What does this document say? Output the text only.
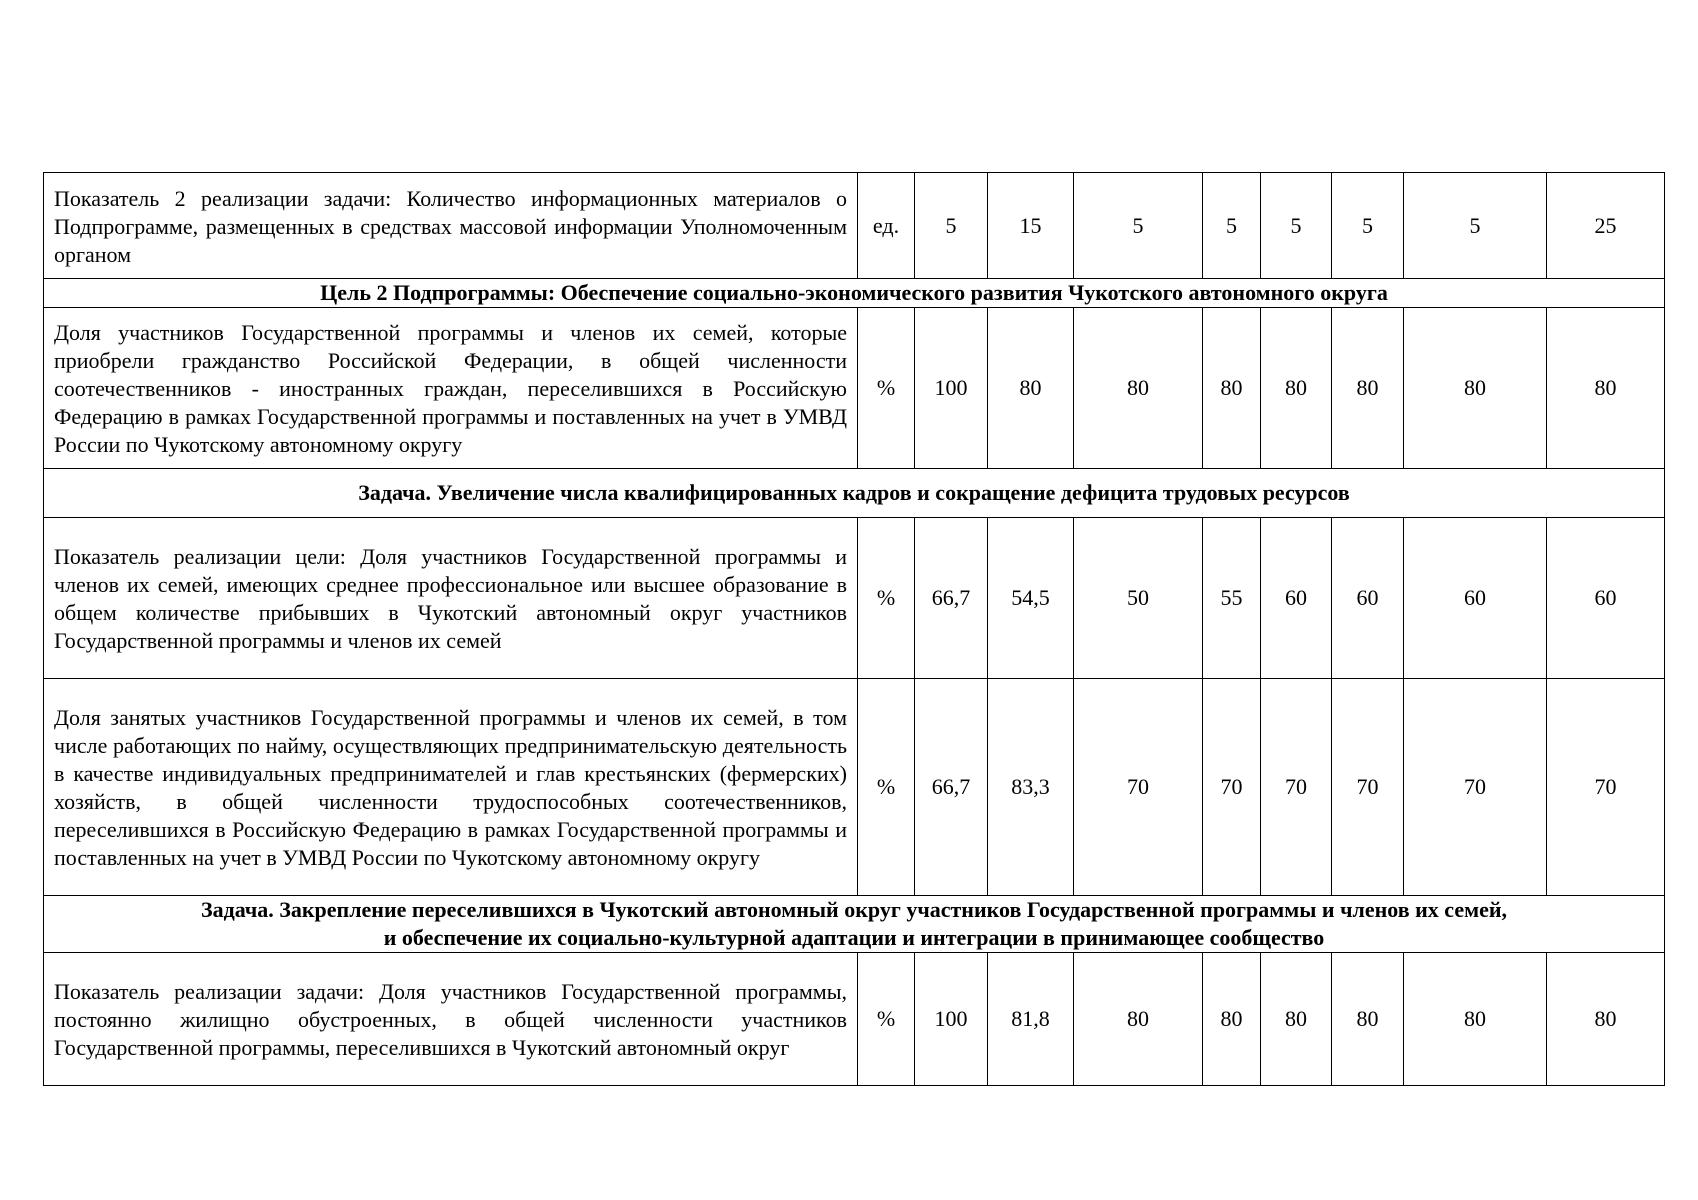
Показатель 2 реализации задачи: Количество информационных материалов о Подпрограмме, размещенных в средствах массовой информации Уполномоченным органом	ед.	5	15	5	5	5	5	5	25

Цель 2 Подпрограммы: Обеспечение социально-экономического развития Чукотского автономного округа									

Доля участников Государственной программы и членов их семей, которые приобрели гражданство Российской Федерации, в общей численности соотечественников - иностранных граждан, переселившихся в Российскую Федерацию в рамках Государственной программы и поставленных на учет в УМВД России по Чукотскому автономному округу	%	100	80	80	80	80	80	80	80

Задача. Увеличение числа квалифицированных кадров и сокращение дефицита трудовых ресурсов									

Показатель реализации цели: Доля участников Государственной программы и членов их семей, имеющих среднее профессиональное или высшее образование в общем количестве прибывших в Чукотский автономный округ участников Государственной программы и членов их семей	%	66,7	54,5	50	55	60	60	60	60
Доля занятых участников Государственной программы и членов их семей, в том числе работающих по найму, осуществляющих предпринимательскую деятельность в качестве индивидуальных предпринимателей и глав крестьянских (фермерских) хозяйств, в общей численности трудоспособных соотечественников, переселившихся в Российскую Федерацию в рамках Государственной программы и поставленных на учет в УМВД России по Чукотскому автономному округу	%	66,7	83,3	70	70	70	70	70	70

Задача. Закрепление переселившихся в Чукотский автономный округ участников Государственной программы и членов их семей,
и обеспечение их социально-культурной адаптации и интеграции в принимающее сообщество									

Показатель реализации задачи: Доля участников Государственной программы, постоянно жилищно обустроенных, в общей численности участников Государственной программы, переселившихся в Чукотский автономный округ	%	100	81,8	80	80	80	80	80	80
